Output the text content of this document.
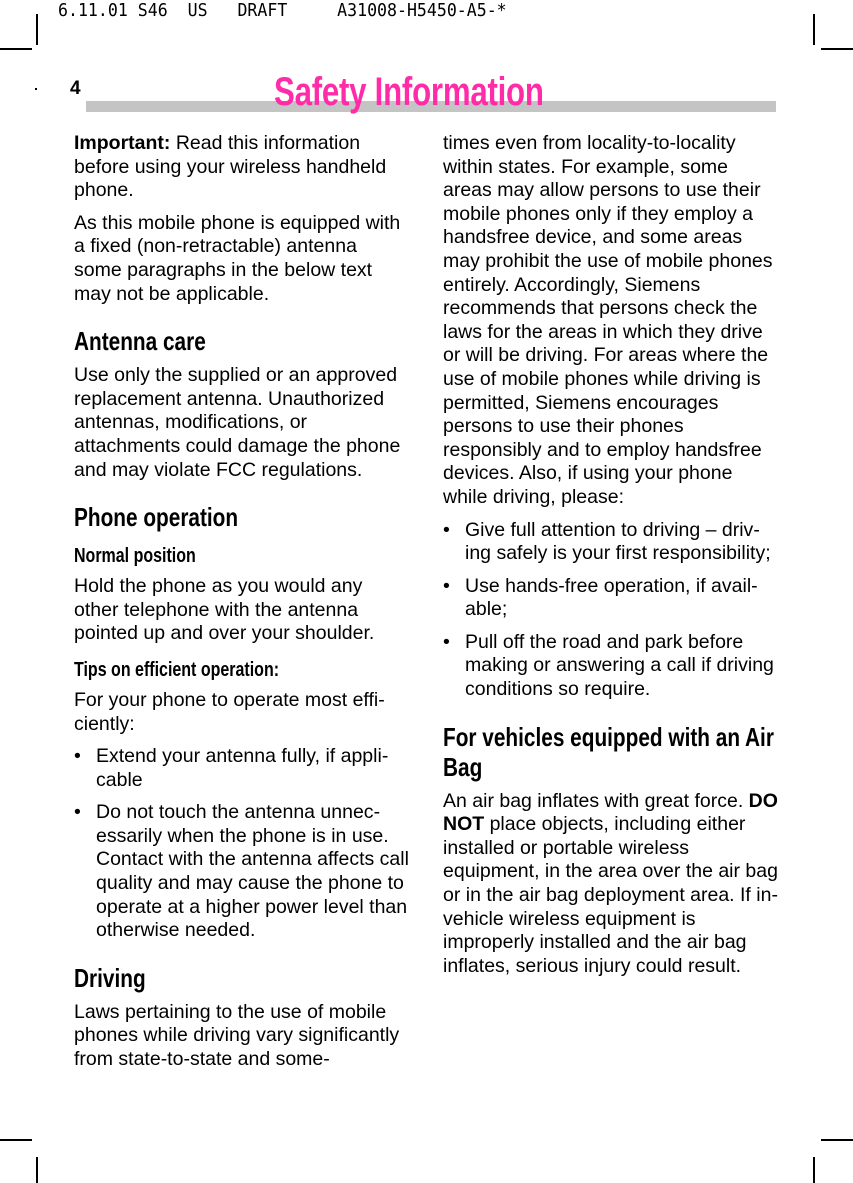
6.11.01 S46  US   DRAFT     A31008-H5450-A5-*
4	Safety Information

Important: Read this information before using your wireless handheld phone.

As this mobile phone is equipped with a fixed (non-retractable) antenna some paragraphs in the below text may not be applicable.

Antenna care

Use only the supplied or an approved replacement antenna. Unauthorized antennas, modifications, or attachments could damage the phone and may violate FCC regulations.

Phone operation
Normal position

Hold the phone as you would any other telephone with the antenna pointed up and over your shoulder.

Tips on efficient operation:

For your phone to operate most efficiently:

• Extend your antenna fully, if applicable
• Do not touch the antenna unnecessarily when the phone is in use. Contact with the antenna affects call quality and may cause the phone to operate at a higher power level than otherwise needed.
Driving

Laws pertaining to the use of mobile phones while driving vary significantly from state-to-state and some-

times even from locality-to-locality within states. For example, some areas may allow persons to use their mobile phones only if they employ a handsfree device, and some areas may prohibit the use of mobile phones entirely. Accordingly, Siemens recommends that persons check the laws for the areas in which they drive or will be driving. For areas where the use of mobile phones while driving is permitted, Siemens encourages persons to use their phones responsibly and to employ handsfree devices. Also, if using your phone while driving, please:

• Give full attention to driving – driving safely is your first responsibility;
• Use hands-free operation, if available;
• Pull off the road and park before making or answering a call if driving conditions so require.
For vehicles equipped with an Air Bag

An air bag inflates with great force. DO NOT place objects, including either installed or portable wireless equipment, in the area over the air bag or in the air bag deployment area. If in-vehicle wireless equipment is improperly installed and the air bag inflates, serious injury could result.
